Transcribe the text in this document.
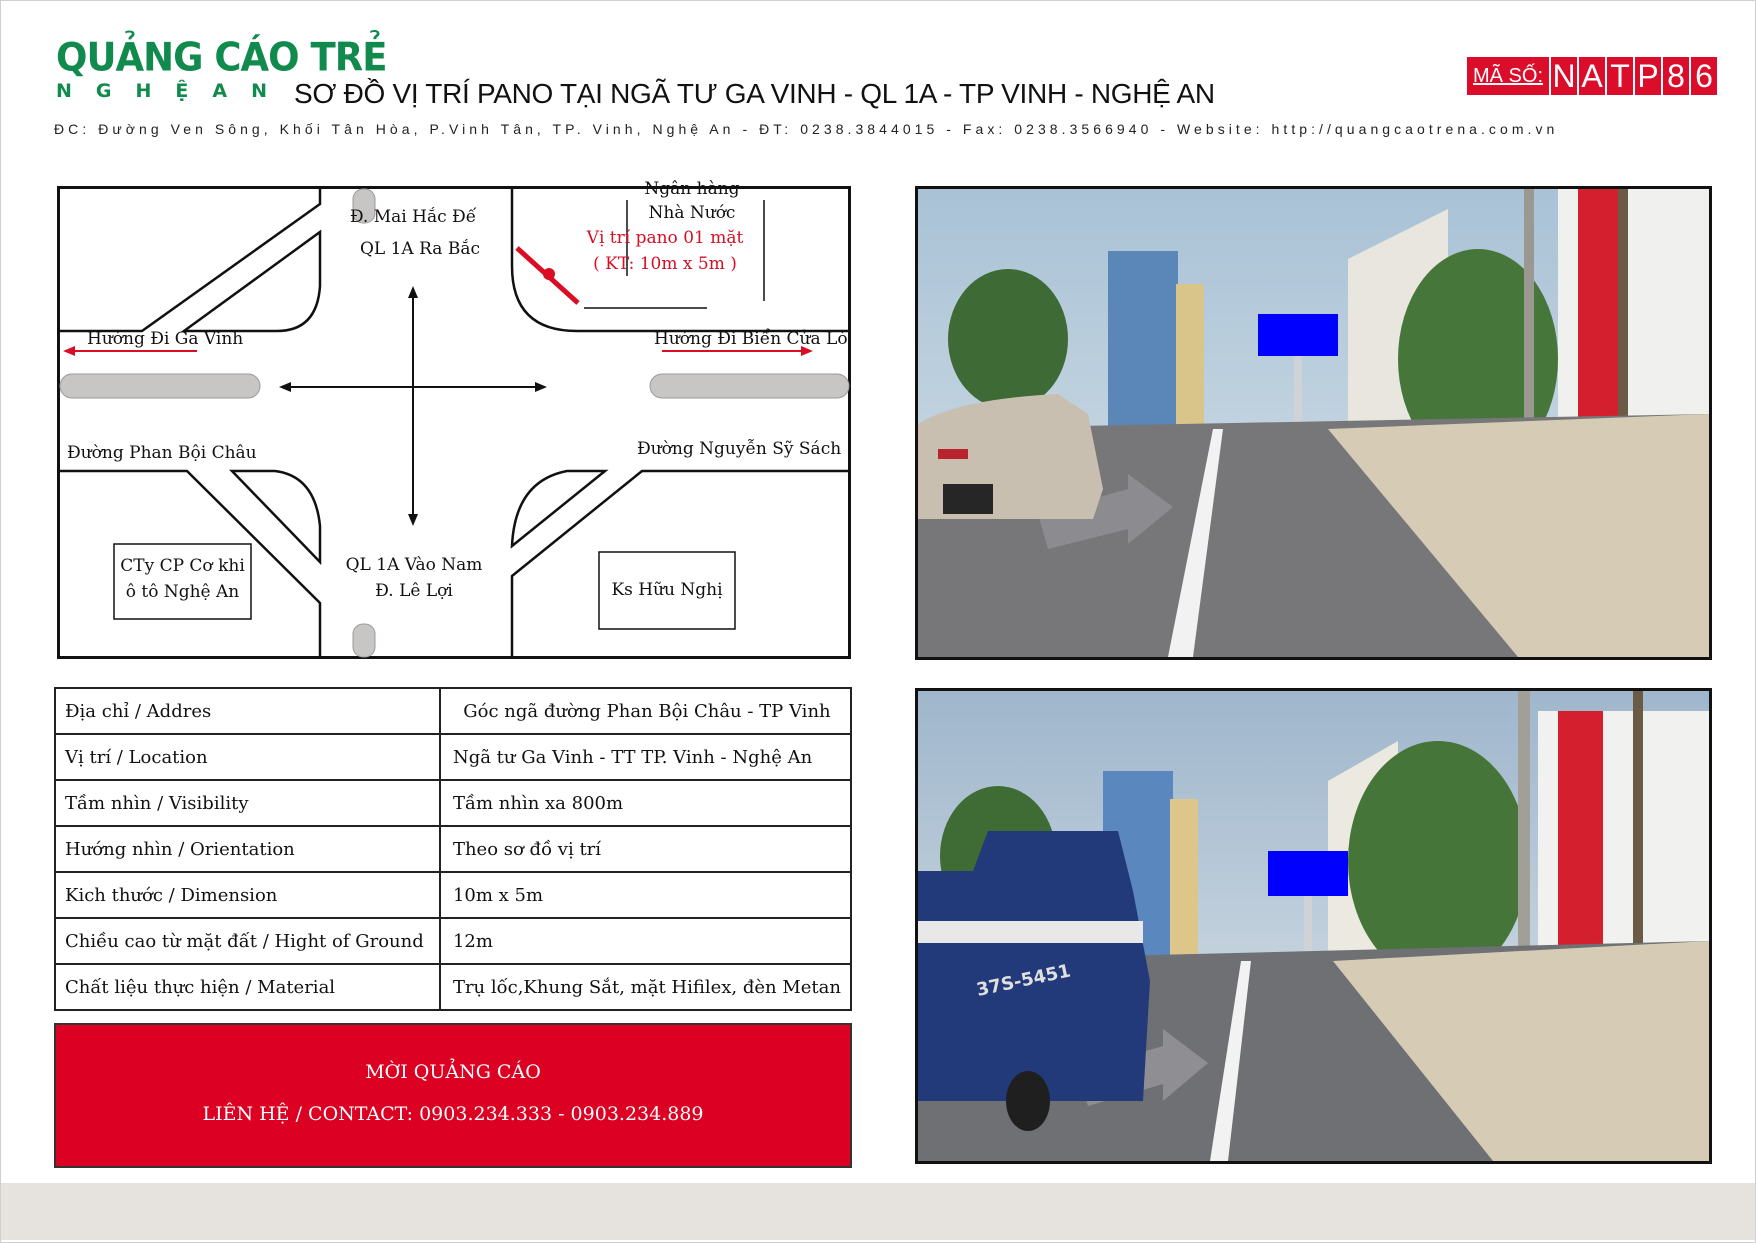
QUẢNG CÁO TRẺ
NGHỆAN SƠ ĐỒ VỊ TRÍ PANO TẠI NGÃ TƯ GA VINH - QL 1A - TP VINH - NGHỆ AN
ĐC: Đường Ven Sông, Khối Tân Hòa, P.Vinh Tân, TP. Vinh, Nghệ An - ĐT: 0238.3844015 - Fax: 0238.3566940 - Website: http://quangcaotrena.com.vn
MÃ SỐ: N A T P 8 6
Đ. Mai Hắc Đế
QL 1A Ra Bắc
Ngân hàng
Nhà Nước
Vị trí pano 01 mặt
( KT: 10m x 5m )
Hướng Đi Ga Vinh
Đường Phan Bội Châu
Hướng Đi Biển Cửa Lò
Đường Nguyễn Sỹ Sách
CTy CP Cơ khi
ô tô Nghệ An
QL 1A Vào Nam
Đ. Lê Lợi	Ks Hữu Nghị
Địa chỉ / Addres	Góc ngã đường Phan Bội Châu - TP Vinh
Vị trí / Location	Ngã tư Ga Vinh - TT TP. Vinh - Nghệ An
Tầm nhìn / Visibility	Tầm nhìn xa 800m
Hướng nhìn / Orientation	Theo sơ đồ vị trí
Kich thước / Dimension	10m x 5m
Chiều cao từ mặt đất / Hight of Ground	12m
Chất liệu thực hiện / Material	Trụ lốc,Khung Sắt, mặt Hifilex, đèn Metan
MỜI QUẢNG CÁO
LIÊN HỆ / CONTACT: 0903.234.333 - 0903.234.889
37S-5451
